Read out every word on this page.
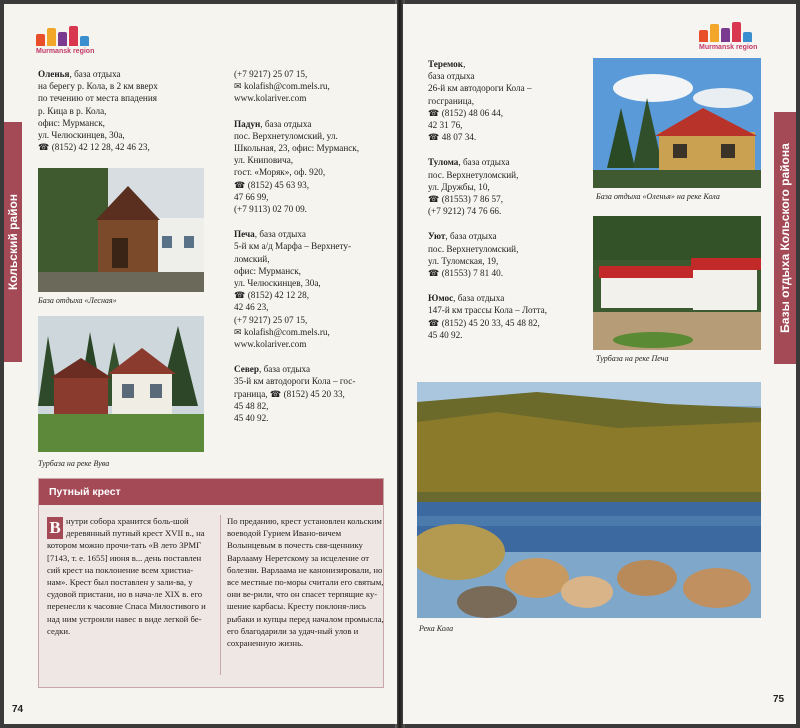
Murmansk region
Кольский район
Оленья, база отдыха
на берегу р. Кола, в 2 км вверх
по течению от места впадения
р. Кица в р. Кола,
офис: Мурманск,
ул. Челюскинцев, 30а,
☎ (8152) 42 12 28, 42 46 23,
База отдыха «Лесная»
Турбаза на реке Вува
(+7 9217) 25 07 15,
✉ kolafish@com.mels.ru,
www.kolariver.com
Падун, база отдыха
пос. Верхнетуломский, ул.
Школьная, 23, офис: Мурманск,
ул. Книповича,
гост. «Моряк», оф. 920,
☎ (8152) 45 63 93,
47 66 99,
(+7 9113) 02 70 09.
Печа, база отдыха
5-й км а/д Марфа – Верхнету-
ломский,
офис: Мурманск,
ул. Челюскинцев, 30а,
☎ (8152) 42 12 28,
42 46 23,
(+7 9217) 25 07 15,
✉ kolafish@com.mels.ru,
www.kolariver.com
Север, база отдыха
35-й км автодороги Кола – гос-
границa, ☎ (8152) 45 20 33,
45 48 82,
45 40 92.
Путный крест
В нутри собора хранится боль-шой деревянный путный крест XVII в., на котором можно прочи-тать «В лето 3РМГ [7143, т. е. 1655] июня в... день поставлен сий крест на поклонение всем христиа-нам». Крест был поставлен у зали-ва, у судовой пристани, но в нача-ле XIX в. его перенесли к часовне Спаса Милостивого и над ним устроили навес в виде легкой бе-седки.
По преданию, крест установлен кольским воеводой Гурием Ивано-вичем Волынцевым в почесть свя-щеннику Варлааму Неретскому за исцеление от болезни. Варлаама не канонизировали, но все местные по-моры считали его святым, они ве-рили, что он спасет терпящие ку-шение карбасы. Кресту поклоня-лись рыбаки и купцы перед началом промысла, его благодарили за удач-ный улов и сохраненную жизнь.
74
Murmansk region
Базы отдыха Кольского района
Теремок,
база отдыха
26-й км автодороги Кола –
госграница,
☎ (8152) 48 06 44,
42 31 76,
☎ 48 07 34.
Тулома, база отдыха
пос. Верхнетуломский,
ул. Дружбы, 10,
☎ (81553) 7 86 57,
(+7 9212) 74 76 66.
Уют, база отдыха
пос. Верхнетуломский,
ул. Туломская, 19,
☎ (81553) 7 81 40.
Юмос, база отдыха
147-й км трассы Кола – Лотта,
☎ (8152) 45 20 33, 45 48 82,
45 40 92.
База отдыха «Оленья» на реке Кола
Турбаза на реке Печа
Река Кола
75
